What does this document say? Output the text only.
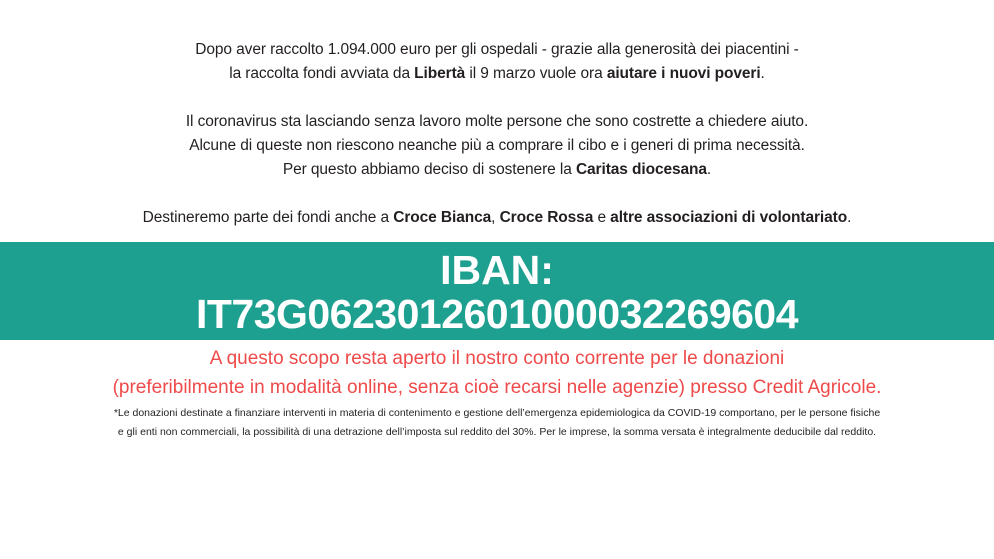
Dopo aver raccolto 1.094.000 euro per gli ospedali - grazie alla generosità dei piacentini -

la raccolta fondi avviata da Libertà il 9 marzo vuole ora aiutare i nuovi poveri.

Il coronavirus sta lasciando senza lavoro molte persone che sono costrette a chiedere aiuto.

Alcune di queste non riescono neanche più a comprare il cibo e i generi di prima necessità.

Per questo abbiamo deciso di sostenere la Caritas diocesana.

Destineremo parte dei fondi anche a Croce Bianca, Croce Rossa e altre associazioni di volontariato.

IBAN:
IT73G0623012601000032269604

A questo scopo resta aperto il nostro conto corrente per le donazioni

(preferibilmente in modalità online, senza cioè recarsi nelle agenzie) presso Credit Agricole.

*Le donazioni destinate a finanziare interventi in materia di contenimento e gestione dell’emergenza epidemiologica da COVID-19 comportano, per le persone fisiche

e gli enti non commerciali, la possibilità di una detrazione dell’imposta sul reddito del 30%. Per le imprese, la somma versata è integralmente deducibile dal reddito.
